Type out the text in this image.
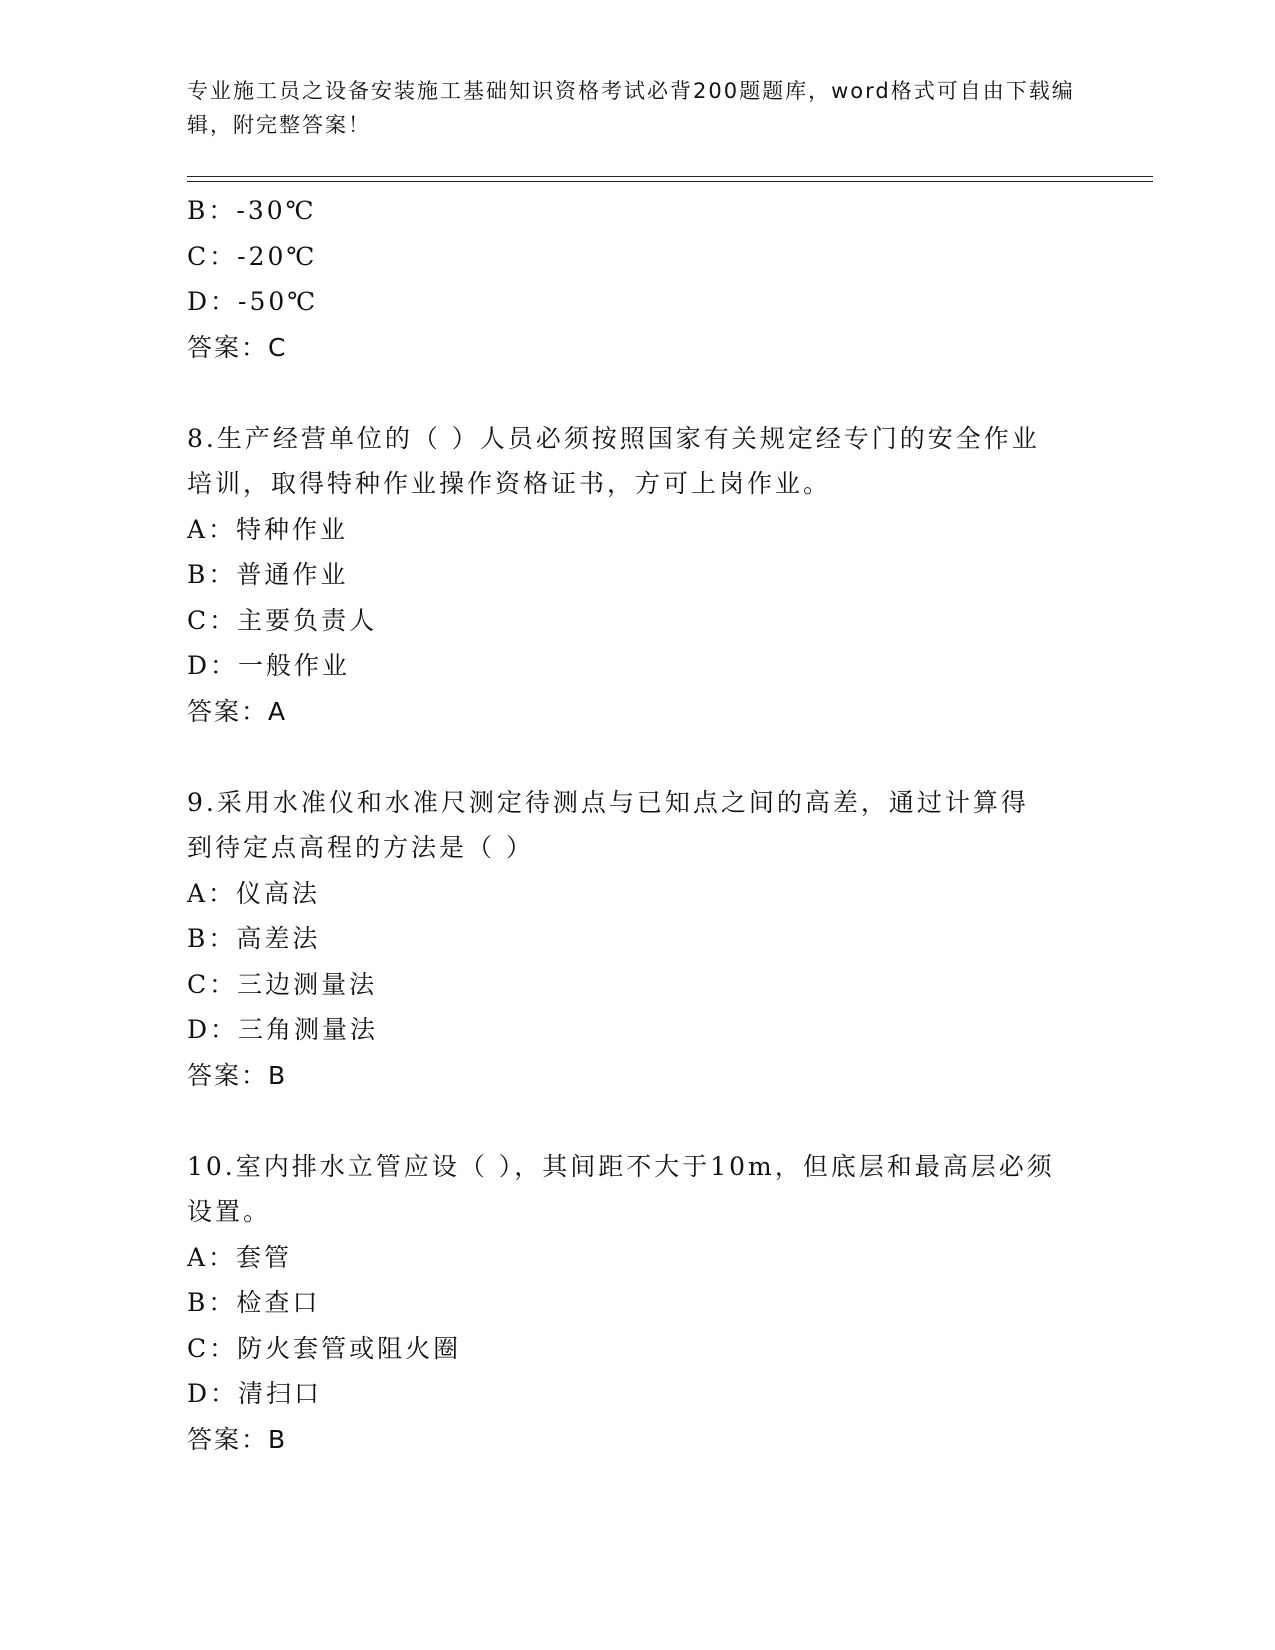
专业施工员之设备安装施工基础知识资格考试必背200题题库，word格式可自由下载编辑，附完整答案！
B：-30℃
C：-20℃
D：-50℃
答案：C
8.生产经营单位的（ ）人员必须按照国家有关规定经专门的安全作业
培训，取得特种作业操作资格证书，方可上岗作业。
A：特种作业
B：普通作业
C：主要负责人
D：一般作业
答案：A
9.采用水准仪和水准尺测定待测点与已知点之间的高差，通过计算得
到待定点高程的方法是（ ）
A：仪高法
B：高差法
C：三边测量法
D：三角测量法
答案：B
10.室内排水立管应设（ ），其间距不大于10m，但底层和最高层必须
设置。
A：套管
B：检查口
C：防火套管或阻火圈
D：清扫口
答案：B
